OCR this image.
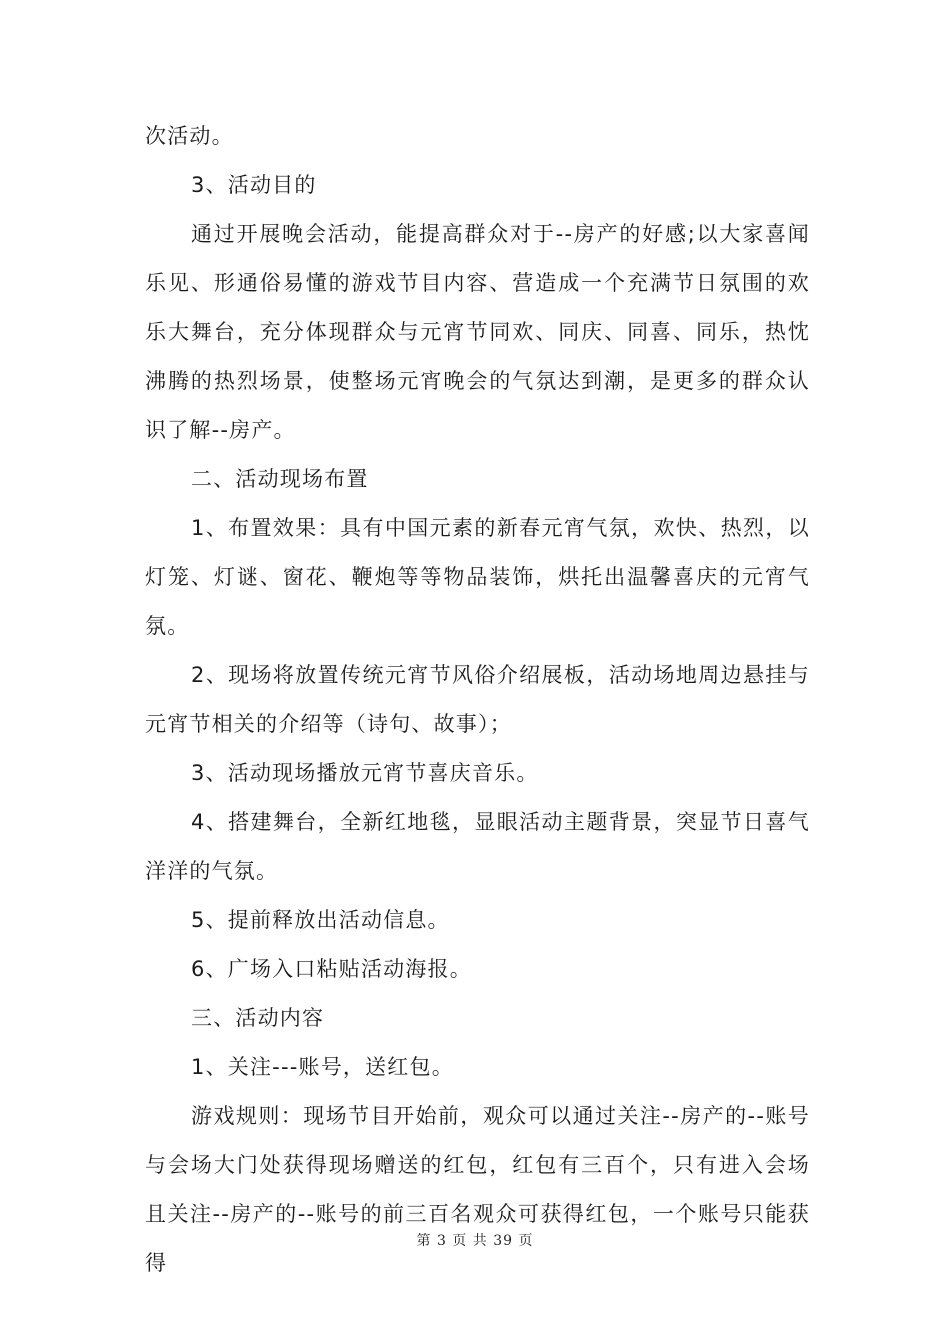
次活动。

3、活动目的

通过开展晚会活动，能提高群众对于--房产的好感;以大家喜闻乐见、形通俗易懂的游戏节目内容、营造成一个充满节日氛围的欢乐大舞台，充分体现群众与元宵节同欢、同庆、同喜、同乐，热忱沸腾的热烈场景，使整场元宵晚会的气氛达到潮，是更多的群众认识了解--房产。

二、活动现场布置

1、布置效果：具有中国元素的新春元宵气氛，欢快、热烈，以灯笼、灯谜、窗花、鞭炮等等物品装饰，烘托出温馨喜庆的元宵气氛。

2、现场将放置传统元宵节风俗介绍展板，活动场地周边悬挂与元宵节相关的介绍等（诗句、故事）；

3、活动现场播放元宵节喜庆音乐。

4、搭建舞台，全新红地毯，显眼活动主题背景，突显节日喜气洋洋的气氛。

5、提前释放出活动信息。

6、广场入口粘贴活动海报。

三、活动内容

1、关注---账号，送红包。

游戏规则：现场节目开始前，观众可以通过关注--房产的--账号与会场大门处获得现场赠送的红包，红包有三百个，只有进入会场且关注--房产的--账号的前三百名观众可获得红包，一个账号只能获得

第 3 页 共 39 页
